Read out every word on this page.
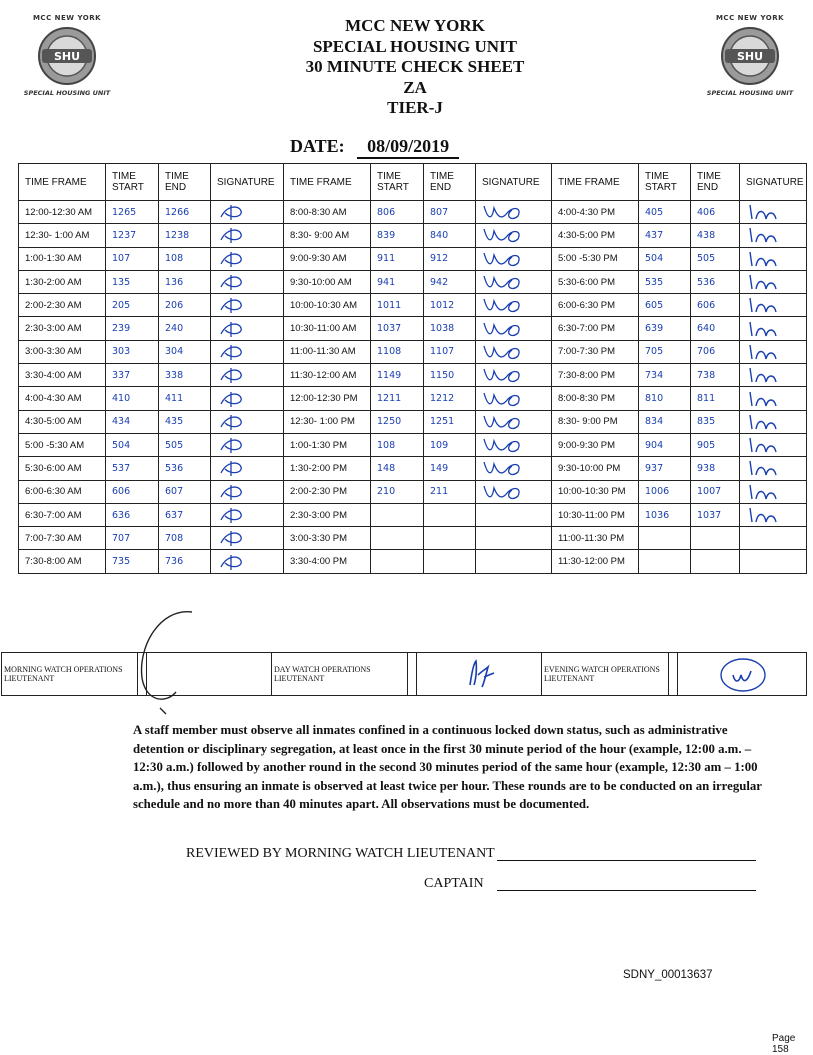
MCC NEW YORK
SHU
SPECIAL HOUSING UNIT
MCC NEW YORK
SHU
SPECIAL HOUSING UNIT
MCC NEW YORK
SPECIAL HOUSING UNIT
30 MINUTE CHECK SHEET
ZA
TIER-J
DATE: 08/09/2019
TIME FRAME	TIME START	TIME END	SIGNATURE	TIME FRAME	TIME START	TIME END	SIGNATURE	TIME FRAME	TIME START	TIME END	SIGNATURE
12:00-12:30 AM	1265	1266		8:00-8:30 AM	806	807		4:00-4:30 PM	405	406	
12:30- 1:00 AM	1237	1238		8:30- 9:00 AM	839	840		4:30-5:00 PM	437	438	
1:00-1:30 AM	107	108		9:00-9:30 AM	911	912		5:00 -5:30 PM	504	505	
1:30-2:00 AM	135	136		9:30-10:00 AM	941	942		5:30-6:00 PM	535	536	
2:00-2:30 AM	205	206		10:00-10:30 AM	1011	1012		6:00-6:30 PM	605	606	
2:30-3:00 AM	239	240		10:30-11:00 AM	1037	1038		6:30-7:00 PM	639	640	
3:00-3:30 AM	303	304		11:00-11:30 AM	1108	1107		7:00-7:30 PM	705	706	
3:30-4:00 AM	337	338		11:30-12:00 AM	1149	1150		7:30-8:00 PM	734	738	
4:00-4:30 AM	410	411		12:00-12:30 PM	1211	1212		8:00-8:30 PM	810	811	
4:30-5:00 AM	434	435		12:30- 1:00 PM	1250	1251		8:30- 9:00 PM	834	835	
5:00 -5:30 AM	504	505		1:00-1:30 PM	108	109		9:00-9:30 PM	904	905	
5:30-6:00 AM	537	536		1:30-2:00 PM	148	149		9:30-10:00 PM	937	938	
6:00-6:30 AM	606	607		2:00-2:30 PM	210	211		10:00-10:30 PM	1006	1007	
6:30-7:00 AM	636	637		2:30-3:00 PM				10:30-11:00 PM	1036	1037	
7:00-7:30 AM	707	708		3:00-3:30 PM				11:00-11:30 PM			
7:30-8:00 AM	735	736		3:30-4:00 PM				11:30-12:00 PM			
MORNING WATCH OPERATIONS LIEUTENANT			DAY WATCH OPERATIONS LIEUTENANT			EVENING WATCH OPERATIONS LIEUTENANT		
A staff member must observe all inmates confined in a continuous locked down status, such as administrative detention or disciplinary segregation, at least once in the first 30 minute period of the hour (example, 12:00 a.m. – 12:30 a.m.) followed by another round in the second 30 minutes period of the same hour (example, 12:30 am – 1:00 a.m.), thus ensuring an inmate is observed at least twice per hour. These rounds are to be conducted on an irregular schedule and no more than 40 minutes apart. All observations must be documented.
REVIEWED BY MORNING WATCH LIEUTENANT
CAPTAIN
SDNY_00013637
Page 158
